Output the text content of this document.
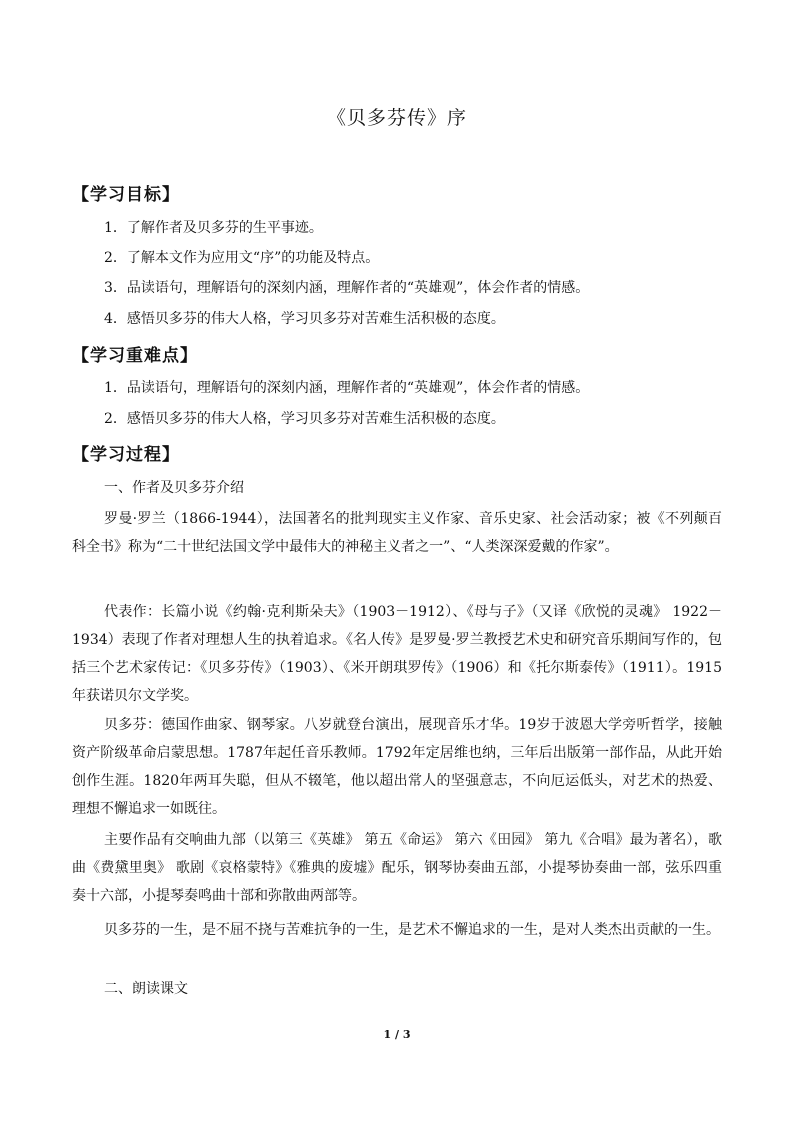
《贝多芬传》序
【学习目标】
1．了解作者及贝多芬的生平事迹。
2．了解本文作为应用文“序”的功能及特点。
3．品读语句，理解语句的深刻内涵，理解作者的“英雄观”，体会作者的情感。
4．感悟贝多芬的伟大人格，学习贝多芬对苦难生活积极的态度。
【学习重难点】
1．品读语句，理解语句的深刻内涵，理解作者的“英雄观”，体会作者的情感。
2．感悟贝多芬的伟大人格，学习贝多芬对苦难生活积极的态度。
【学习过程】
一、作者及贝多芬介绍

罗曼·罗兰（1866-1944），法国著名的批判现实主义作家、音乐史家、社会活动家；被《不列颠百科全书》称为“二十世纪法国文学中最伟大的神秘主义者之一”、“人类深深爱戴的作家”。

代表作：长篇小说《约翰·克利斯朵夫》（1903－1912）、《母与子》（又译《欣悦的灵魂》 1922－1934）表现了作者对理想人生的执着追求。《名人传》是罗曼·罗兰教授艺术史和研究音乐期间写作的，包括三个艺术家传记：《贝多芬传》（1903）、《米开朗琪罗传》（1906）和《托尔斯泰传》（1911）。1915年获诺贝尔文学奖。

贝多芬：德国作曲家、钢琴家。八岁就登台演出，展现音乐才华。19岁于波恩大学旁听哲学，接触资产阶级革命启蒙思想。1787年起任音乐教师。1792年定居维也纳，三年后出版第一部作品，从此开始创作生涯。1820年两耳失聪，但从不辍笔，他以超出常人的坚强意志，不向厄运低头，对艺术的热爱、理想不懈追求一如既往。

主要作品有交响曲九部（以第三《英雄》 第五《命运》 第六《田园》 第九《合唱》最为著名），歌曲《费黛里奥》 歌剧《哀格蒙特》《雅典的废墟》配乐，钢琴协奏曲五部，小提琴协奏曲一部，弦乐四重奏十六部，小提琴奏鸣曲十部和弥散曲两部等。

贝多芬的一生，是不屈不挠与苦难抗争的一生，是艺术不懈追求的一生，是对人类杰出贡献的一生。

二、朗读课文
1 / 3
